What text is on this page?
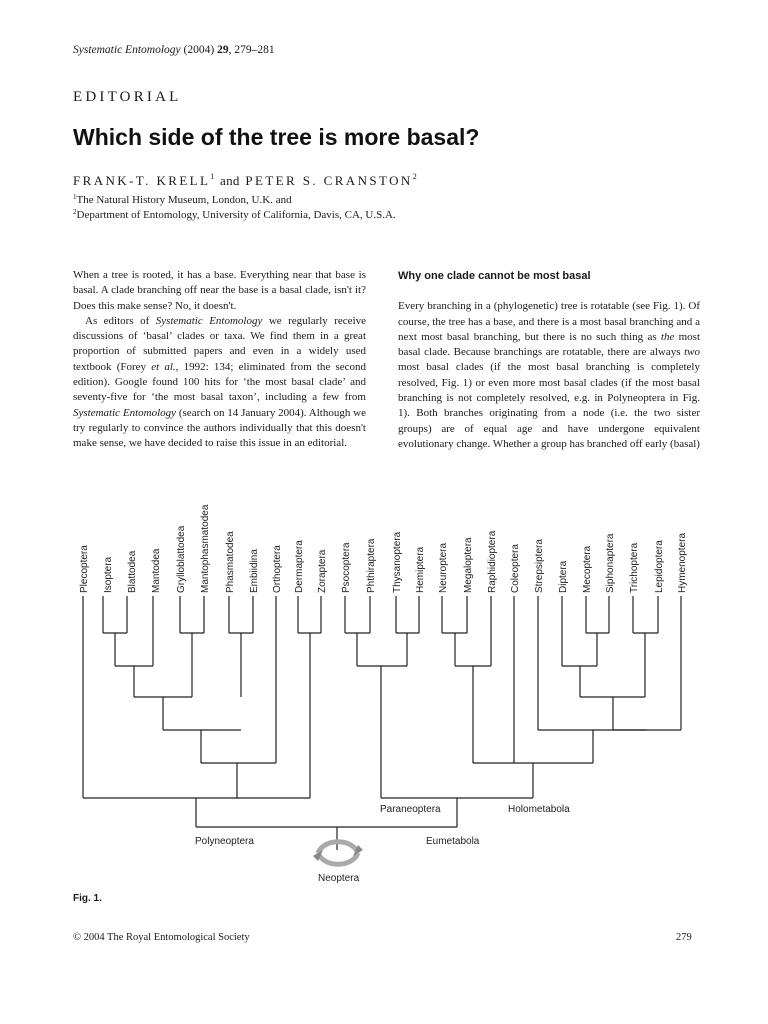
Systematic Entomology (2004) 29, 279–281
EDITORIAL
Which side of the tree is more basal?
FRANK-T. KRELL$^1$ and PETER S. CRANSTON$^2$
$^1$The Natural History Museum, London, U.K. and
$^2$Department of Entomology, University of California, Davis, CA, U.S.A.

When a tree is rooted, it has a base. Everything near that base is basal. A clade branching off near the base is a basal clade, isn't it? Does this make sense? No, it doesn't.

As editors of Systematic Entomology we regularly receive discussions of ‘basal’ clades or taxa. We find them in a great proportion of submitted papers and even in a widely used textbook (Forey et al., 1992: 134; eliminated from the second edition). Google found 100 hits for ‘the most basal clade’ and seventy-five for ‘the most basal taxon’, including a few from Systematic Entomology (search on 14 January 2004). Although we try regularly to convince the authors individually that this doesn't make sense, we have decided to raise this issue in an editorial.

Why one clade cannot be most basal

Every branching in a (phylogenetic) tree is rotatable (see Fig. 1). Of course, the tree has a base, and there is a most basal branching and a next most basal branching, but there is no such thing as the most basal clade. Because branchings are rotatable, there are always two most basal clades (if the most basal branching is completely resolved, Fig. 1) or even more most basal clades (if the most basal branching is not completely resolved, e.g. in Polyneoptera in Fig. 1). Both branches originating from a node (i.e. the two sister groups) are of equal age and have undergone equivalent evolutionary change. Whether a group has branched off early (basal)

Plecoptera Isoptera Blattodea Mantodea Grylloblattodea Mantophasmatodea Phasmatodea Embiidina Orthoptera Dermaptera Zoraptera Psocoptera Phthiraptera Thysanoptera Hemiptera Neuroptera Megaloptera Raphidioptera Coleoptera Strepsiptera Diptera Mecoptera Siphonaptera Trichoptera Lepidoptera Hymenoptera
Paraneoptera	Holometabola
Polyneoptera	Eumetabola
Neoptera
Fig. 1.
© 2004 The Royal Entomological Society	279
